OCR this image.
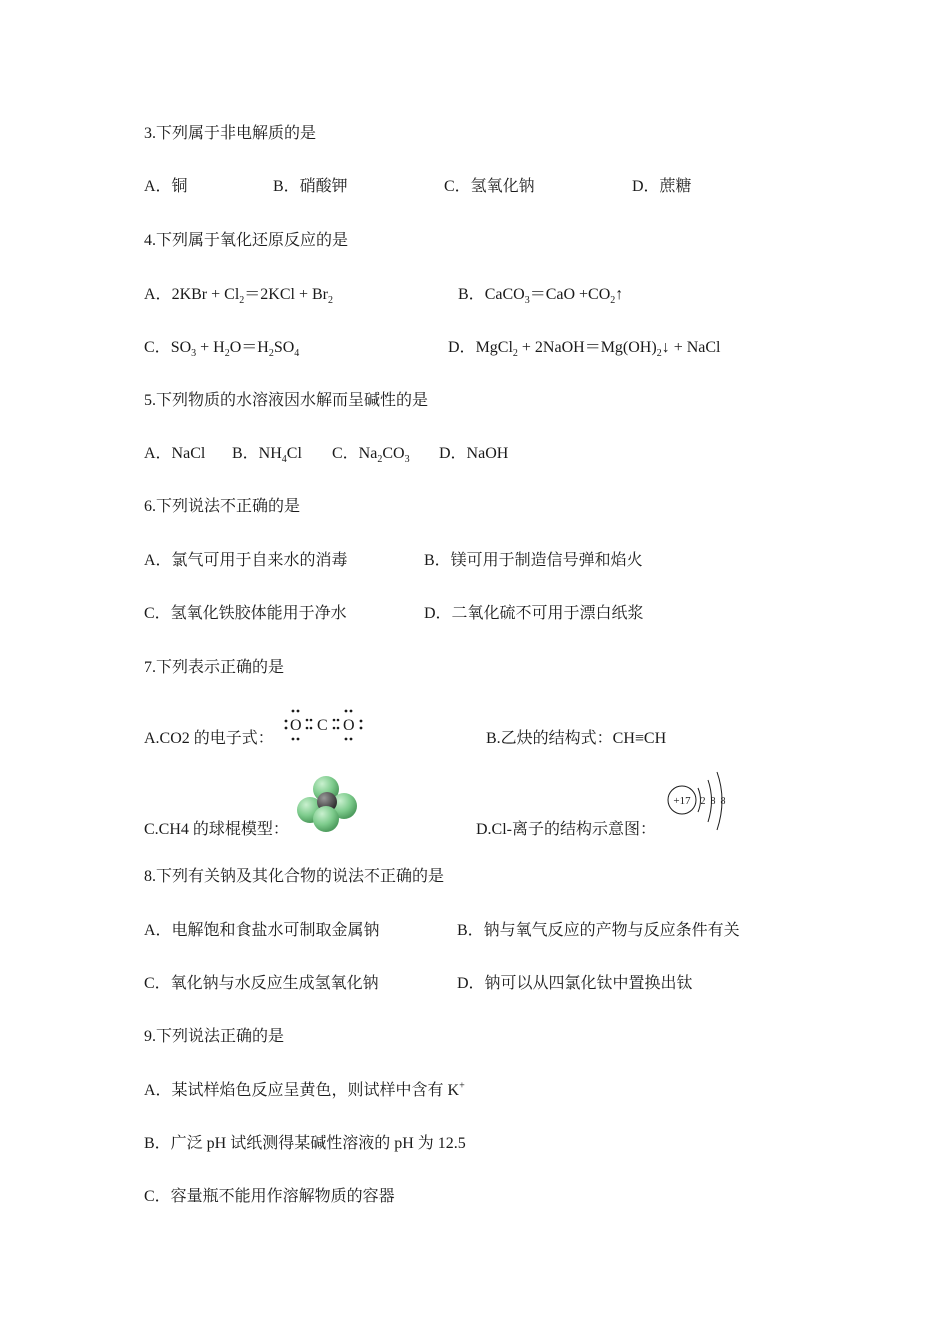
3.下列属于非电解质的是
A．铜	B．硝酸钾	C．氢氧化钠	D．蔗糖
4.下列属于氧化还原反应的是
A．$2KBr + Cl_2=2KCl + Br_2$	B．CaCO$_3$＝CaO $+CO_2↑$
C．$SO_3 + H_2O=H_2SO_4$	D．MgCl$_2$ + $2NaOH=Mg(OH)_2↓$ + NaCl
5.下列物质的水溶液因水解而呈碱性的是
A．NaCl B．$NH_4Cl$ C．$Na_2CO_3$ D．NaOH
6.下列说法不正确的是
A．氯气可用于自来水的消毒	B．镁可用于制造信号弹和焰火
C．氢氧化铁胶体能用于净水	D．二氧化硫不可用于漂白纸浆
7.下列表示正确的是
A.CO2 的电子式：
O C O
B.乙炔的结构式：CH≡CH
C.CH4 的球棍模型：	D.Cl-离子的结构示意图：
+17 2 8 8
8.下列有关钠及其化合物的说法不正确的是
A．电解饱和食盐水可制取金属钠	B．钠与氧气反应的产物与反应条件有关
C．氧化钠与水反应生成氢氧化钠	D．钠可以从四氯化钛中置换出钛
9.下列说法正确的是
A．某试样焰色反应呈黄色，则试样中含有 K+
B．广泛 pH 试纸测得某碱性溶液的 pH 为 12.5
C．容量瓶不能用作溶解物质的容器
